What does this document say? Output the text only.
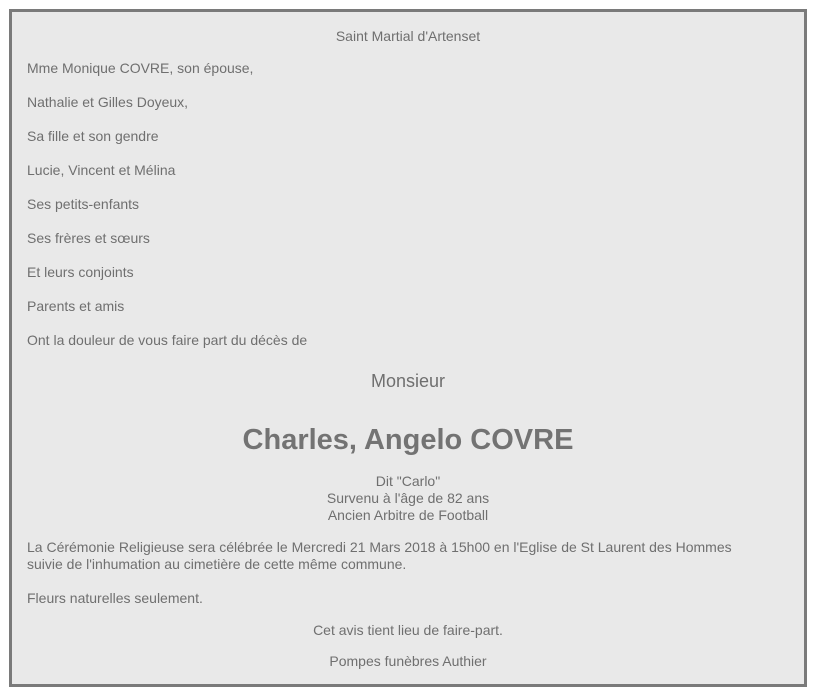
Saint Martial d'Artenset
Mme Monique COVRE, son épouse,
Nathalie et Gilles Doyeux,
Sa fille et son gendre
Lucie, Vincent et Mélina
Ses petits-enfants
Ses frères et sœurs
Et leurs conjoints
Parents et amis
Ont la douleur de vous faire part du décès de
Monsieur
Charles, Angelo COVRE
Dit "Carlo"
Survenu à l'âge de 82 ans
Ancien Arbitre de Football
La Cérémonie Religieuse sera célébrée le Mercredi 21 Mars 2018 à 15h00 en l'Eglise de St Laurent des Hommes
suivie de l'inhumation au cimetière de cette même commune.
Fleurs naturelles seulement.
Cet avis tient lieu de faire-part.
Pompes funèbres Authier
